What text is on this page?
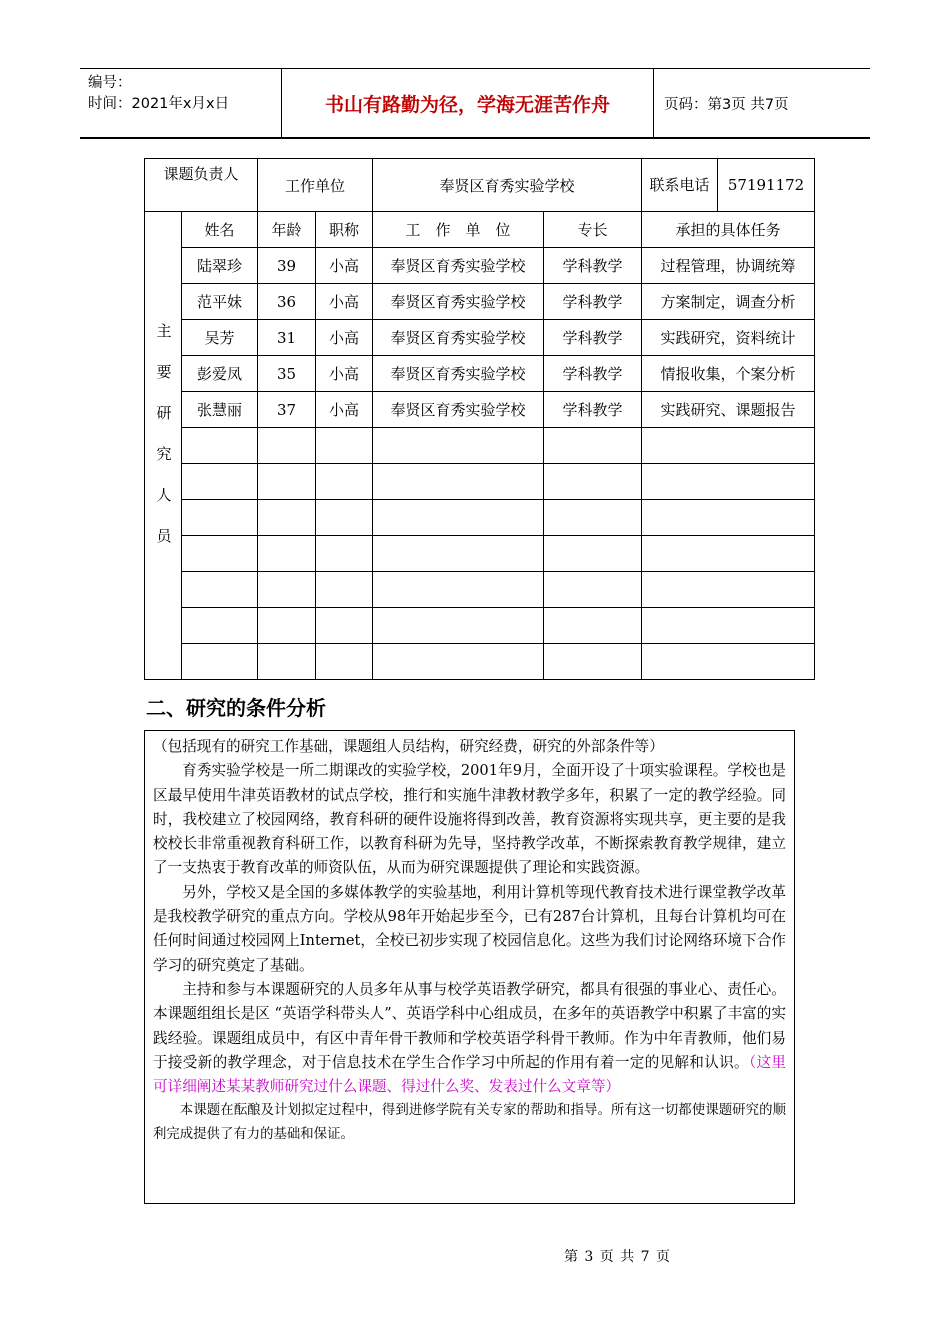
编号：
时间：2021年x月x日	书山有路勤为径，学海无涯苦作舟	页码：第3页 共7页
课题负责人		工作单位		奉贤区育秀实验学校		联系电话	57191172

主要研究人员	姓名	年龄	职称	工　作　单　位	专长	承担的具体任务	
	陆翠珍	39	小高	奉贤区育秀实验学校	学科教学	过程管理，协调统筹	
	范平妹	36	小高	奉贤区育秀实验学校	学科教学	方案制定，调查分析	
	吴芳	31	小高	奉贤区育秀实验学校	学科教学	实践研究，资料统计	
	彭爱凤	35	小高	奉贤区育秀实验学校	学科教学	情报收集，个案分析	
	张慧丽	37	小高	奉贤区育秀实验学校	学科教学	实践研究、课题报告	

二、研究的条件分析

（包括现有的研究工作基础，课题组人员结构，研究经费，研究的外部条件等）

育秀实验学校是一所二期课改的实验学校，2001年9月，全面开设了十项实验课程。学校也是区最早使用牛津英语教材的试点学校，推行和实施牛津教材教学多年，积累了一定的教学经验。同时，我校建立了校园网络，教育科研的硬件设施将得到改善，教育资源将实现共享，更主要的是我校校长非常重视教育科研工作，以教育科研为先导，坚持教学改革，不断探索教育教学规律，建立了一支热衷于教育改革的师资队伍，从而为研究课题提供了理论和实践资源。

另外，学校又是全国的多媒体教学的实验基地，利用计算机等现代教育技术进行课堂教学改革是我校教学研究的重点方向。学校从98年开始起步至今，已有287台计算机，且每台计算机均可在任何时间通过校园网上Internet，全校已初步实现了校园信息化。这些为我们讨论网络环境下合作学习的研究奠定了基础。

主持和参与本课题研究的人员多年从事与校学英语教学研究，都具有很强的事业心、责任心。本课题组组长是区 “英语学科带头人”、英语学科中心组成员，在多年的英语教学中积累了丰富的实践经验。课题组成员中，有区中青年骨干教师和学校英语学科骨干教师。作为中年青教师，他们易于接受新的教学理念，对于信息技术在学生合作学习中所起的作用有着一定的见解和认识。（这里可详细阐述某某教师研究过什么课题、得过什么奖、发表过什么文章等）

本课题在酝酿及计划拟定过程中，得到进修学院有关专家的帮助和指导。所有这一切都使课题研究的顺利完成提供了有力的基础和保证。

第 3 页 共 7 页
